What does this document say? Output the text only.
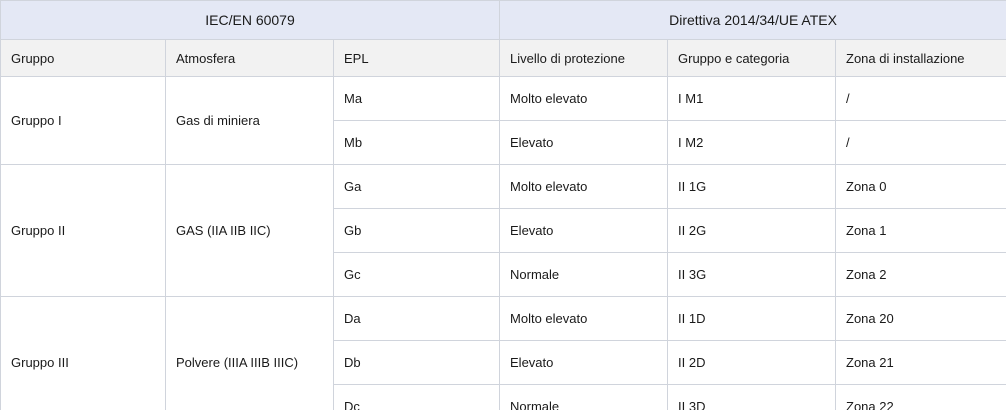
IEC/EN 60079			Direttiva 2014/34/UE ATEX		
Gruppo	Atmosfera	EPL	Livello di protezione	Gruppo e categoria	Zona di installazione
Gruppo I	Gas di miniera	Ma	Molto elevato	I M1	/
		Mb	Elevato	I M2	/
Gruppo II	GAS (IIA IIB IIC)	Ga	Molto elevato	II 1G	Zona 0
		Gb	Elevato	II 2G	Zona 1
		Gc	Normale	II 3G	Zona 2
Gruppo III	Polvere (IIIA IIIB IIIC)	Da	Molto elevato	II 1D	Zona 20
		Db	Elevato	II 2D	Zona 21
		Dc	Normale	II 3D	Zona 22
